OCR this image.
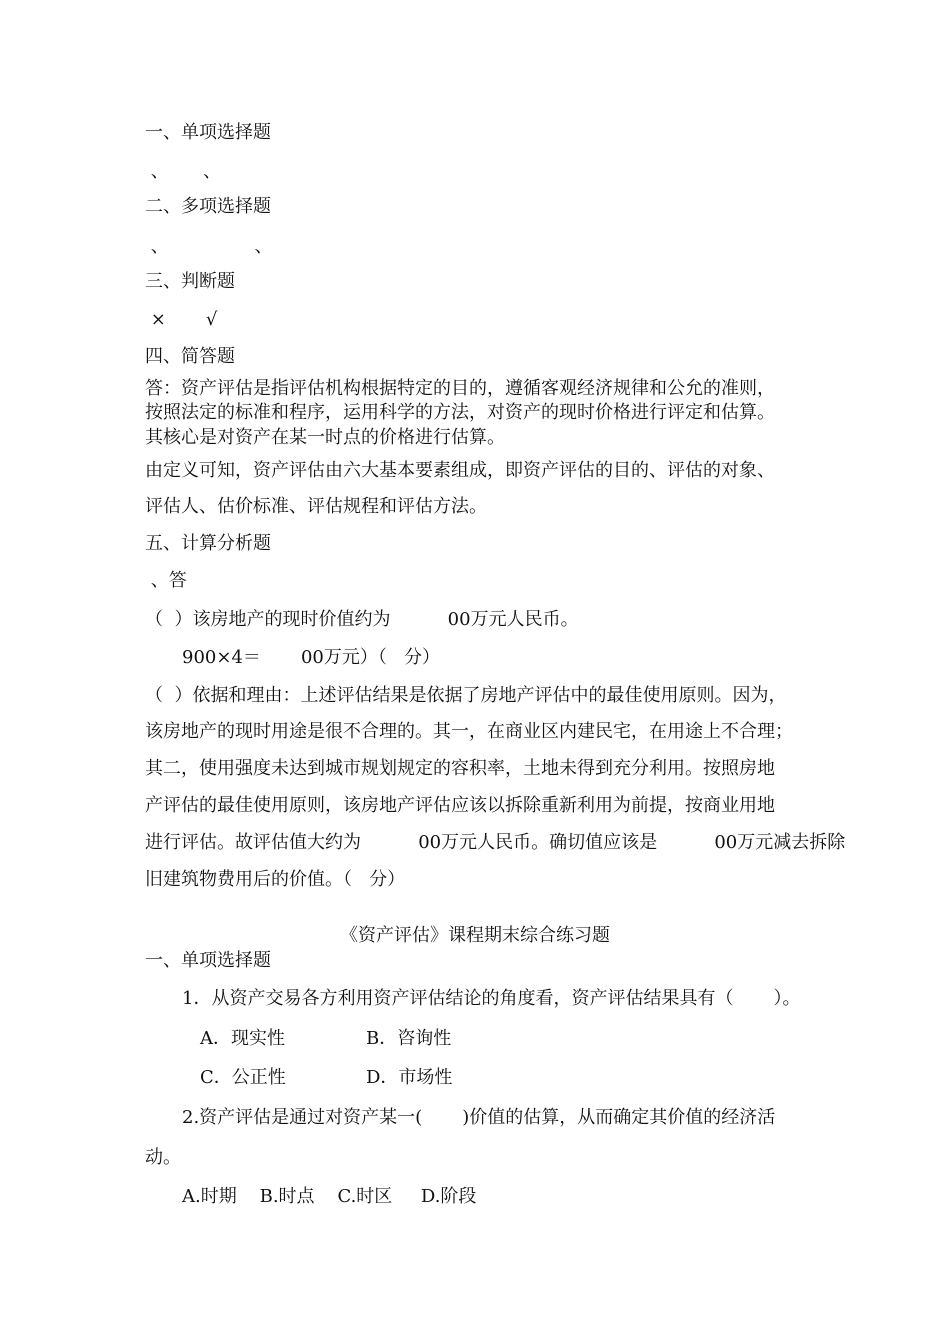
一、单项选择题
、      、
二、多项选择题
、               、
三、判断题
×       √
四、简答题
答：资产评估是指评估机构根据特定的目的，遵循客观经济规律和公允的准则，
按照法定的标准和程序，运用科学的方法，对资产的现时价格进行评定和估算。
其核心是对资产在某一时点的价格进行估算。
由定义可知，资产评估由六大基本要素组成，即资产评估的目的、评估的对象、
评估人、估价标准、评估规程和评估方法。
五、计算分析题
、答
（  ）该房地产的现时价值约为          00万元人民币。
900×4＝       00万元）（   分）
（  ）依据和理由：上述评估结果是依据了房地产评估中的最佳使用原则。因为，
该房地产的现时用途是很不合理的。其一，在商业区内建民宅，在用途上不合理；
其二，使用强度未达到城市规划规定的容积率，土地未得到充分利用。按照房地
产评估的最佳使用原则，该房地产评估应该以拆除重新利用为前提，按商业用地
进行评估。故评估值大约为          00万元人民币。确切值应该是          00万元减去拆除
旧建筑物费用后的价值。（   分）
《资产评估》课程期末综合练习题
一、单项选择题
1．从资产交易各方利用资产评估结论的角度看，资产评估结果具有（       ）。
A．现实性	B．咨询性
C．公正性	D．市场性
2.资产评估是通过对资产某一(       )价值的估算，从而确定其价值的经济活
动。
A.时期    B.时点    C.时区     D.阶段
